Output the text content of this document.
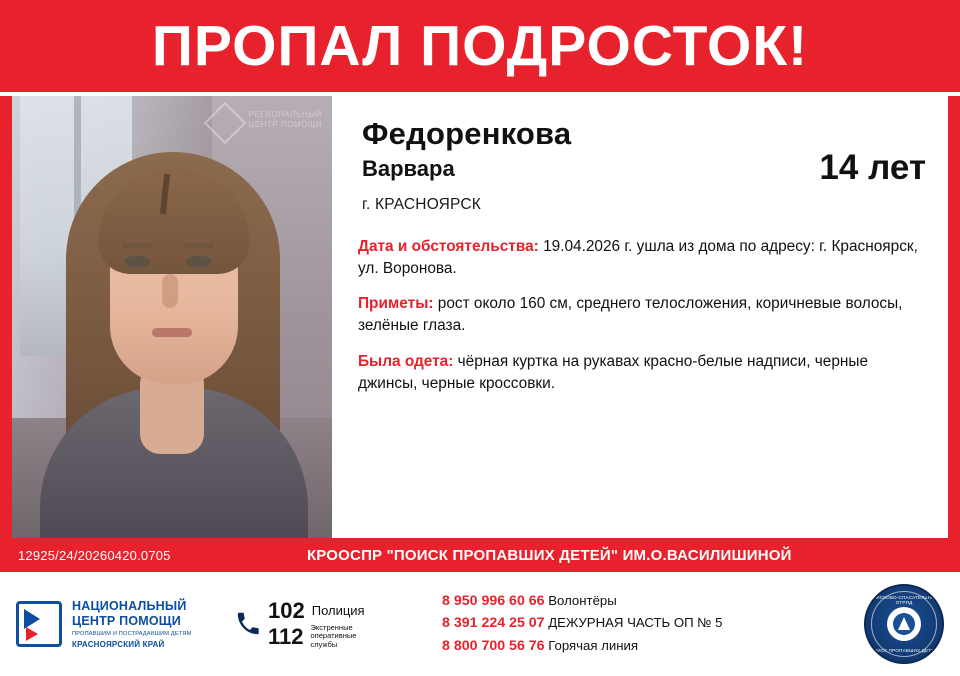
ПРОПАЛ ПОДРОСТОК!
РЕГИОНАЛЬНЫЙ ЦЕНТР ПОМОЩИ Федоренкова
Варвара
г. КРАСНОЯРСК
14 лет

Дата и обстоятельства: 19.04.2026 г. ушла из дома по адресу: г. Красноярск, ул. Воронова.

Приметы: рост около 160 см, среднего телосложения, коричневые волосы, зелёные глаза.

Была одета: чёрная куртка на рукавах красно-белые надписи, черные джинсы, черные кроссовки.

12925/24/20260420.0705	КРООСПР "ПОИСК ПРОПАВШИХ ДЕТЕЙ" ИМ.О.ВАСИЛИШИНОЙ
НАЦИОНАЛЬНЫЙ
ЦЕНТР ПОМОЩИ
ПРОПАВШИМ И ПОСТРАДАВШИМ ДЕТЯМ
КРАСНОЯРСКИЙ КРАЙ
102 Полиция
112 Экстренные оперативные службы
8 950 996 60 66 Волонтёры
8 391 224 25 07 ДЕЖУРНАЯ ЧАСТЬ ОП № 5
8 800 700 56 76 Горячая линия
ПОИСКОВО-СПАСАТЕЛЬНЫЙ ОТРЯД
ПОИСК ПРОПАВШИХ ДЕТЕЙ
